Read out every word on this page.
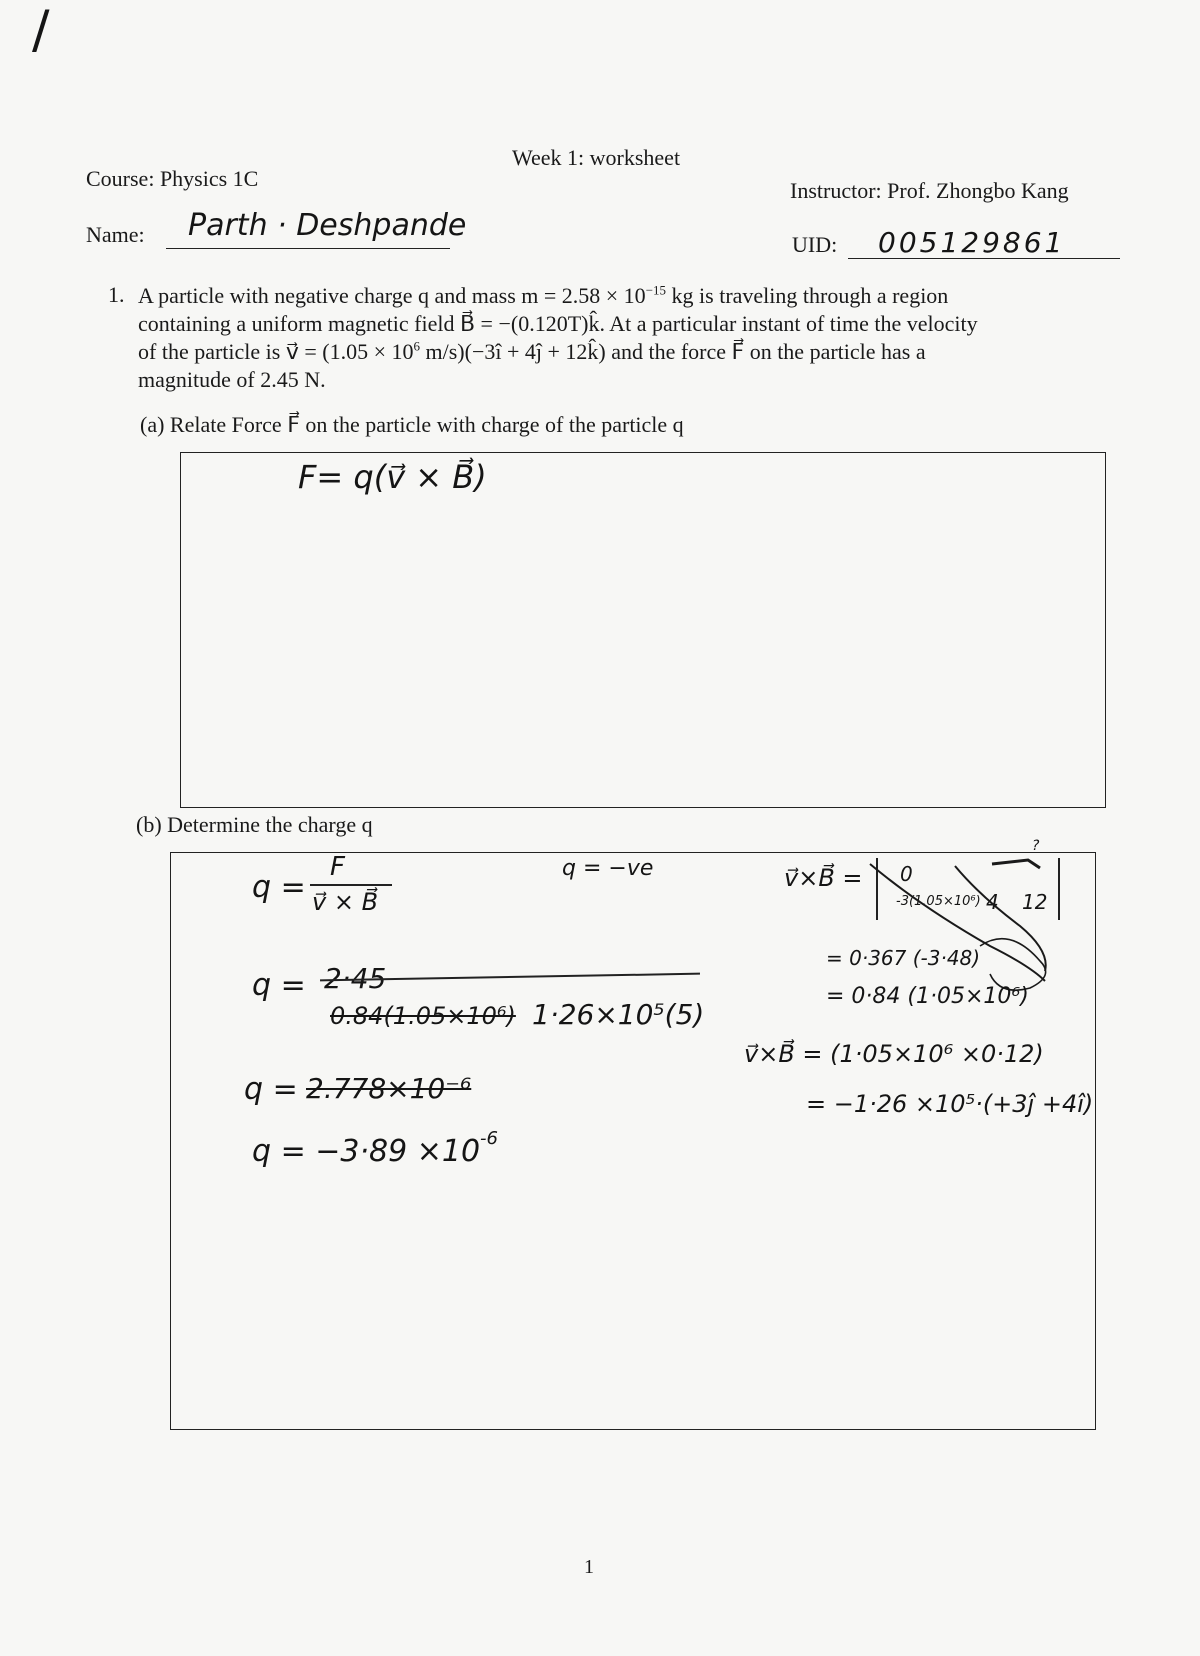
/
Week 1: worksheet
Course: Physics 1C	Instructor: Prof. Zhongbo Kang
Name: Parth · Deshpande
UID: 005129861
1. A particle with negative charge q and mass $m = 2.58 \times 10^{-15}$ kg is traveling through a region
containing a uniform magnetic field B⃗ = −(0.120T)k̂. At a particular instant of time the velocity
of the particle is v⃗ = ($1.05 \times 10^6$ m/s)(−3î + 4ĵ + 12k̂) and the force F⃗ on the particle has a
magnitude of 2.45 N.
(a) Relate Force F⃗ on the particle with charge of the particle q
F= q(v⃗ × B⃗)
(b) Determine the charge q
q =
F
v⃗ × B⃗
q = −ve
q = 2·45
0.84(1.05×10⁶) 1·26×10⁵(5)
q = 2.778×10⁻⁶
$q = -3\cdot 89 \times 10^{-6}$
?
v⃗×B⃗ = 0
-3(1.05×10⁶) 4 12
= 0·367 (-3·48)
= 0·84 (1·05×10⁶)
v⃗×B⃗ = (1·05×10⁶ ×0·12)
= −1·26 ×10⁵·(+3ĵ +4î)
1
